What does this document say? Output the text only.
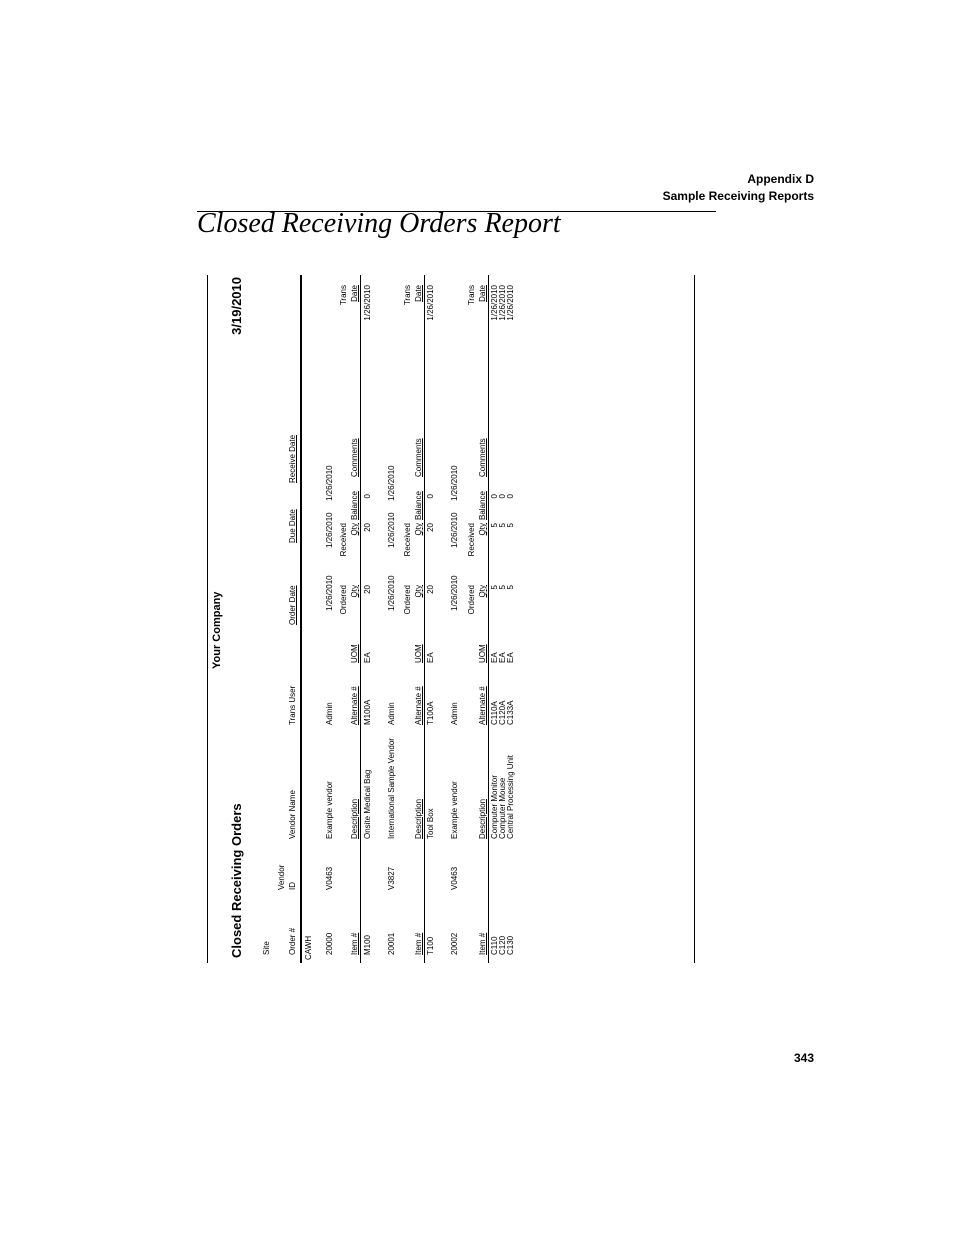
Appendix D
Sample Receiving Reports
Closed Receiving Orders Report
Closed Receiving Orders
Your Company
3/19/2010
Site
Vendor
Order #
ID
Vendor Name
Trans User
Order Date
Due Date
Receive Date
CAWH 20000
V0463
Example vendor
Admin
1/26/2010
1/26/2010
1/26/2010
Ordered
Received
Trans
Item #
Description
Alternate #
UOM
Qty
Qty
Balance
Comments
Date
M100
Onsite Medical Bag
M100A
EA
20
20
0
1/26/2010
20001
V3827
International Sample Vendor
Admin
1/26/2010
1/26/2010
1/26/2010
Ordered
Received
Trans
Item #
Description
Alternate #
UOM
Qty
Qty
Balance
Comments
Date
T100
Tool Box
T100A
EA
20
20
0
1/26/2010
20002
V0463
Example vendor
Admin
1/26/2010
1/26/2010
1/26/2010
Ordered
Received
Trans
Item #
Description
Alternate #
UOM
Qty
Qty
Balance
Comments
Date
C110
Computer Monitor
C110A
EA
5
5
0
1/26/2010
C120
Computer Mouse
C120A
EA
5
5
0
1/26/2010
C130
Central Processing Unit
C133A
EA
5
5
0
1/26/2010
343
